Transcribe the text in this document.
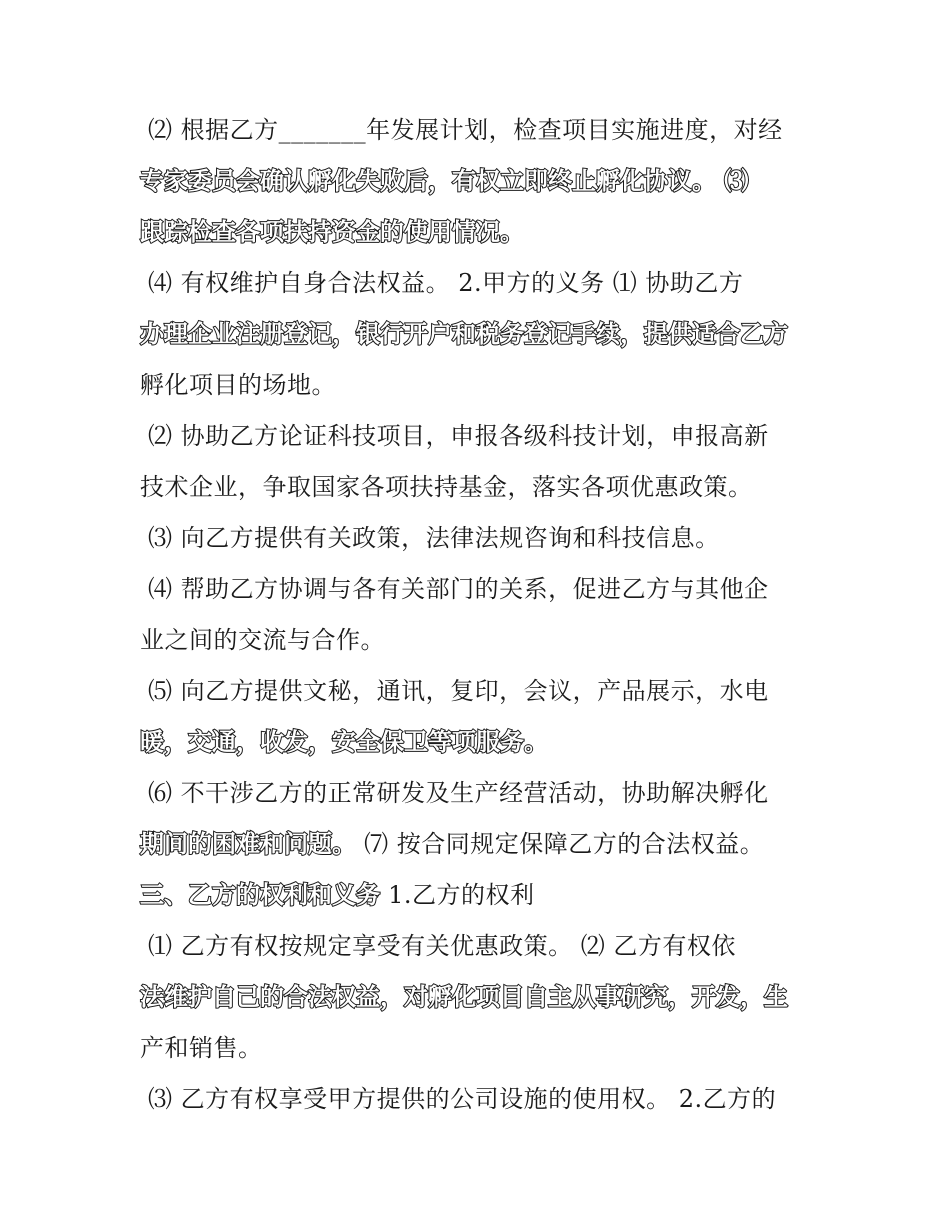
⑵ 根据乙方_______年发展计划，检查项目实施进度，对经
专家委员会确认孵化失败后，有权立即终止孵化协议。 ⑶
跟踪检查各项扶持资金的使用情况。
⑷ 有权维护自身合法权益。 2.甲方的义务 ⑴ 协助乙方
办理企业注册登记，银行开户和税务登记手续，提供适合乙方
孵化项目的场地。
⑵ 协助乙方论证科技项目，申报各级科技计划，申报高新
技术企业，争取国家各项扶持基金，落实各项优惠政策。
⑶ 向乙方提供有关政策，法律法规咨询和科技信息。
⑷ 帮助乙方协调与各有关部门的关系，促进乙方与其他企
业之间的交流与合作。
⑸ 向乙方提供文秘，通讯，复印，会议，产品展示，水电
暖，交通，收发，安全保卫等项服务。
⑹ 不干涉乙方的正常研发及生产经营活动，协助解决孵化
期间的困难和问题。 ⑺ 按合同规定保障乙方的合法权益。
三、乙方的权利和义务 1.乙方的权利
⑴ 乙方有权按规定享受有关优惠政策。 ⑵ 乙方有权依
法维护自己的合法权益，对孵化项目自主从事研究，开发，生
产和销售。
⑶ 乙方有权享受甲方提供的公司设施的使用权。 2.乙方的
